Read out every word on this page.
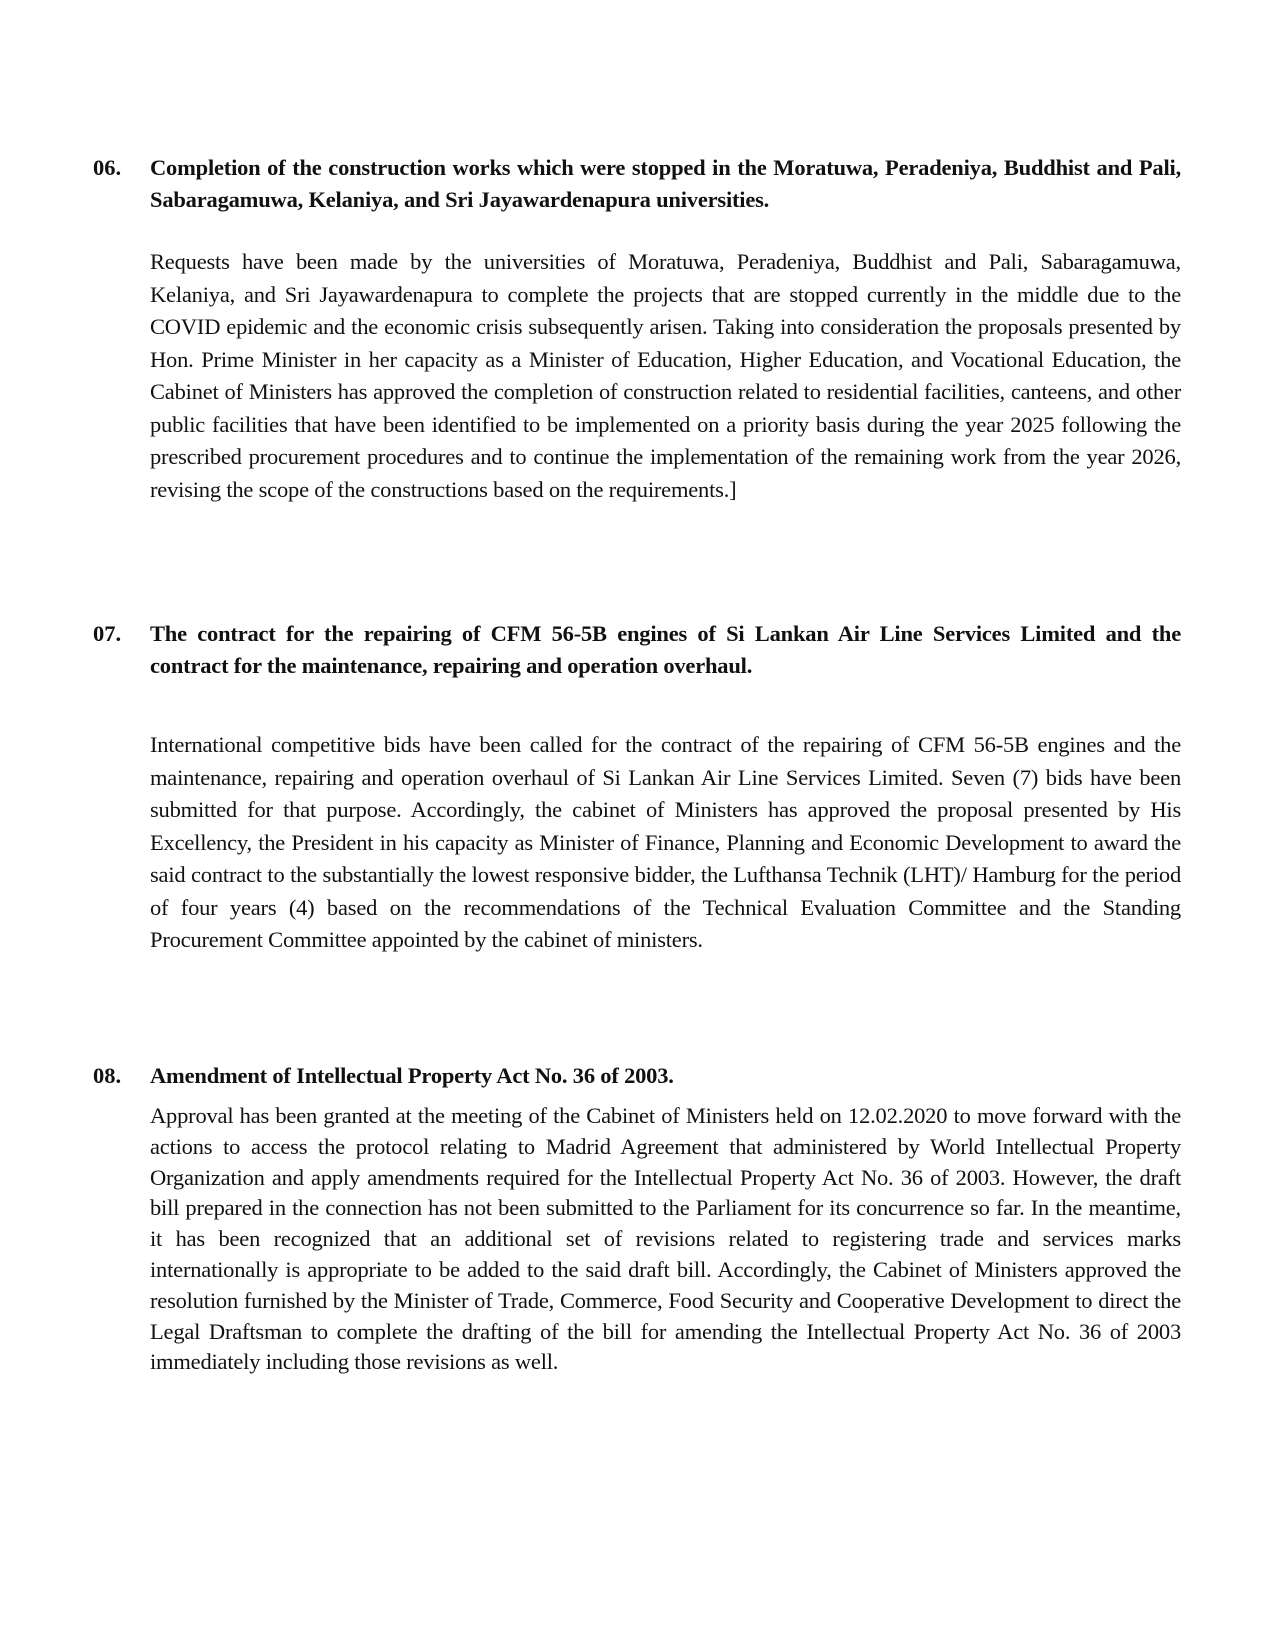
06. Completion of the construction works which were stopped in the Moratuwa, Peradeniya, Buddhist and Pali, Sabaragamuwa, Kelaniya, and Sri Jayawardenapura universities.
Requests have been made by the universities of Moratuwa, Peradeniya, Buddhist and Pali, Sabaragamuwa, Kelaniya, and Sri Jayawardenapura to complete the projects that are stopped currently in the middle due to the COVID epidemic and the economic crisis subsequently arisen. Taking into consideration the proposals presented by Hon. Prime Minister in her capacity as a Minister of Education, Higher Education, and Vocational Education, the Cabinet of Ministers has approved the completion of construction related to residential facilities, canteens, and other public facilities that have been identified to be implemented on a priority basis during the year 2025 following the prescribed procurement procedures and to continue the implementation of the remaining work from the year 2026, revising the scope of the constructions based on the requirements.]
07. The contract for the repairing of CFM 56-5B engines of Si Lankan Air Line Services Limited and the contract for the maintenance, repairing and operation overhaul.
International competitive bids have been called for the contract of the repairing of CFM 56-5B engines and the maintenance, repairing and operation overhaul of Si Lankan Air Line Services Limited. Seven (7) bids have been submitted for that purpose. Accordingly, the cabinet of Ministers has approved the proposal presented by His Excellency, the President in his capacity as Minister of Finance, Planning and Economic Development to award the said contract to the substantially the lowest responsive bidder, the Lufthansa Technik (LHT)/ Hamburg for the period of four years (4) based on the recommendations of the Technical Evaluation Committee and the Standing Procurement Committee appointed by the cabinet of ministers.
08. Amendment of Intellectual Property Act No. 36 of 2003.
Approval has been granted at the meeting of the Cabinet of Ministers held on 12.02.2020 to move forward with the actions to access the protocol relating to Madrid Agreement that administered by World Intellectual Property Organization and apply amendments required for the Intellectual Property Act No. 36 of 2003. However, the draft bill prepared in the connection has not been submitted to the Parliament for its concurrence so far. In the meantime, it has been recognized that an additional set of revisions related to registering trade and services marks internationally is appropriate to be added to the said draft bill. Accordingly, the Cabinet of Ministers approved the resolution furnished by the Minister of Trade, Commerce, Food Security and Cooperative Development to direct the Legal Draftsman to complete the drafting of the bill for amending the Intellectual Property Act No. 36 of 2003 immediately including those revisions as well.
